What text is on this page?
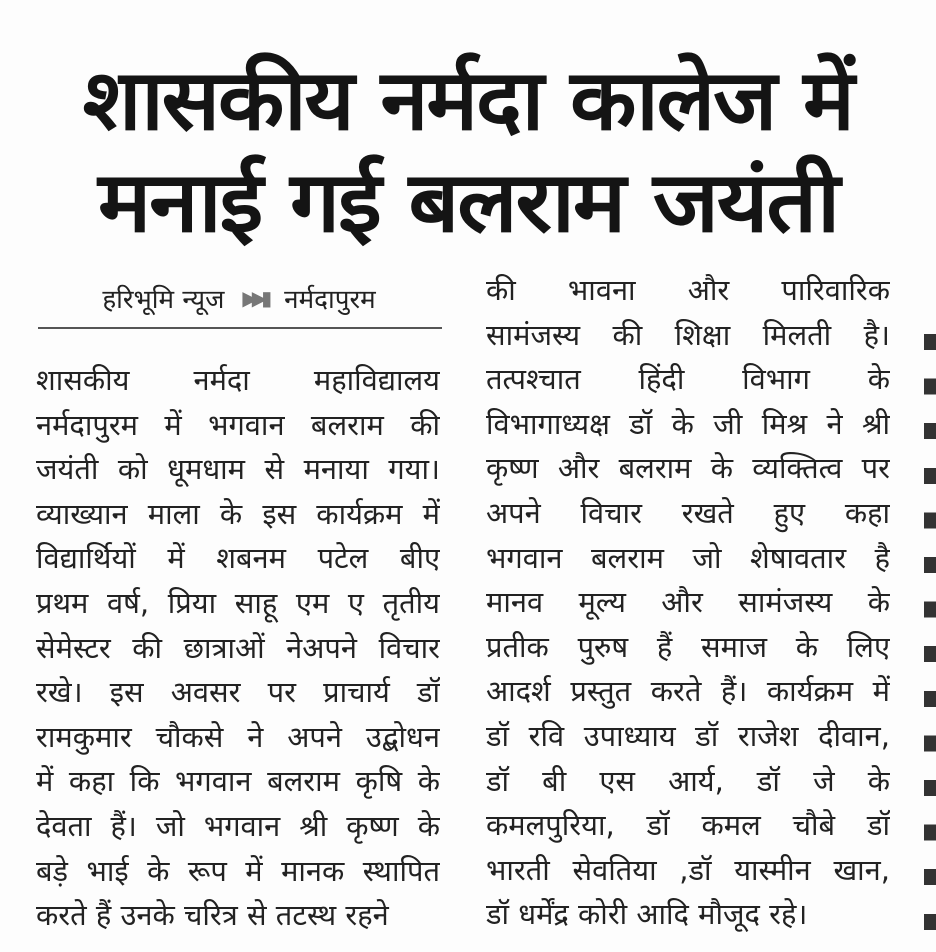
शासकीय नर्मदा कालेज में
मनाई गई बलराम जयंती
हरिभूमि न्यूज ▶▶▮ नर्मदापुरम
शासकीय नर्मदा महाविद्यालय
नर्मदापुरम में भगवान बलराम की
जयंती को धूमधाम से मनाया गया।
व्याख्यान माला के इस कार्यक्रम में
विद्यार्थियों में शबनम पटेल बीए
प्रथम वर्ष, प्रिया साहू एम ए तृतीय
सेमेस्टर की छात्राओं नेअपने विचार
रखे। इस अवसर पर प्राचार्य डॉ
रामकुमार चौकसे ने अपने उद्बोधन
में कहा कि भगवान बलराम कृषि के
देवता हैं। जो भगवान श्री कृष्ण के
बड़े भाई के रूप में मानक स्थापित
करते हैं उनके चरित्र से तटस्थ रहने
की भावना और पारिवारिक
सामंजस्य की शिक्षा मिलती है।
तत्पश्चात हिंदी विभाग के
विभागाध्यक्ष डॉ के जी मिश्र ने श्री
कृष्ण और बलराम के व्यक्तित्व पर
अपने विचार रखते हुए कहा
भगवान बलराम जो शेषावतार है
मानव मूल्य और सामंजस्य के
प्रतीक पुरुष हैं समाज के लिए
आदर्श प्रस्तुत करते हैं। कार्यक्रम में
डॉ रवि उपाध्याय डॉ राजेश दीवान,
डॉ बी एस आर्य, डॉ जे के
कमलपुरिया, डॉ कमल चौबे डॉ
भारती सेवतिया ,डॉ यास्मीन खान,
डॉ धर्मेंद्र कोरी आदि मौजूद रहे।
